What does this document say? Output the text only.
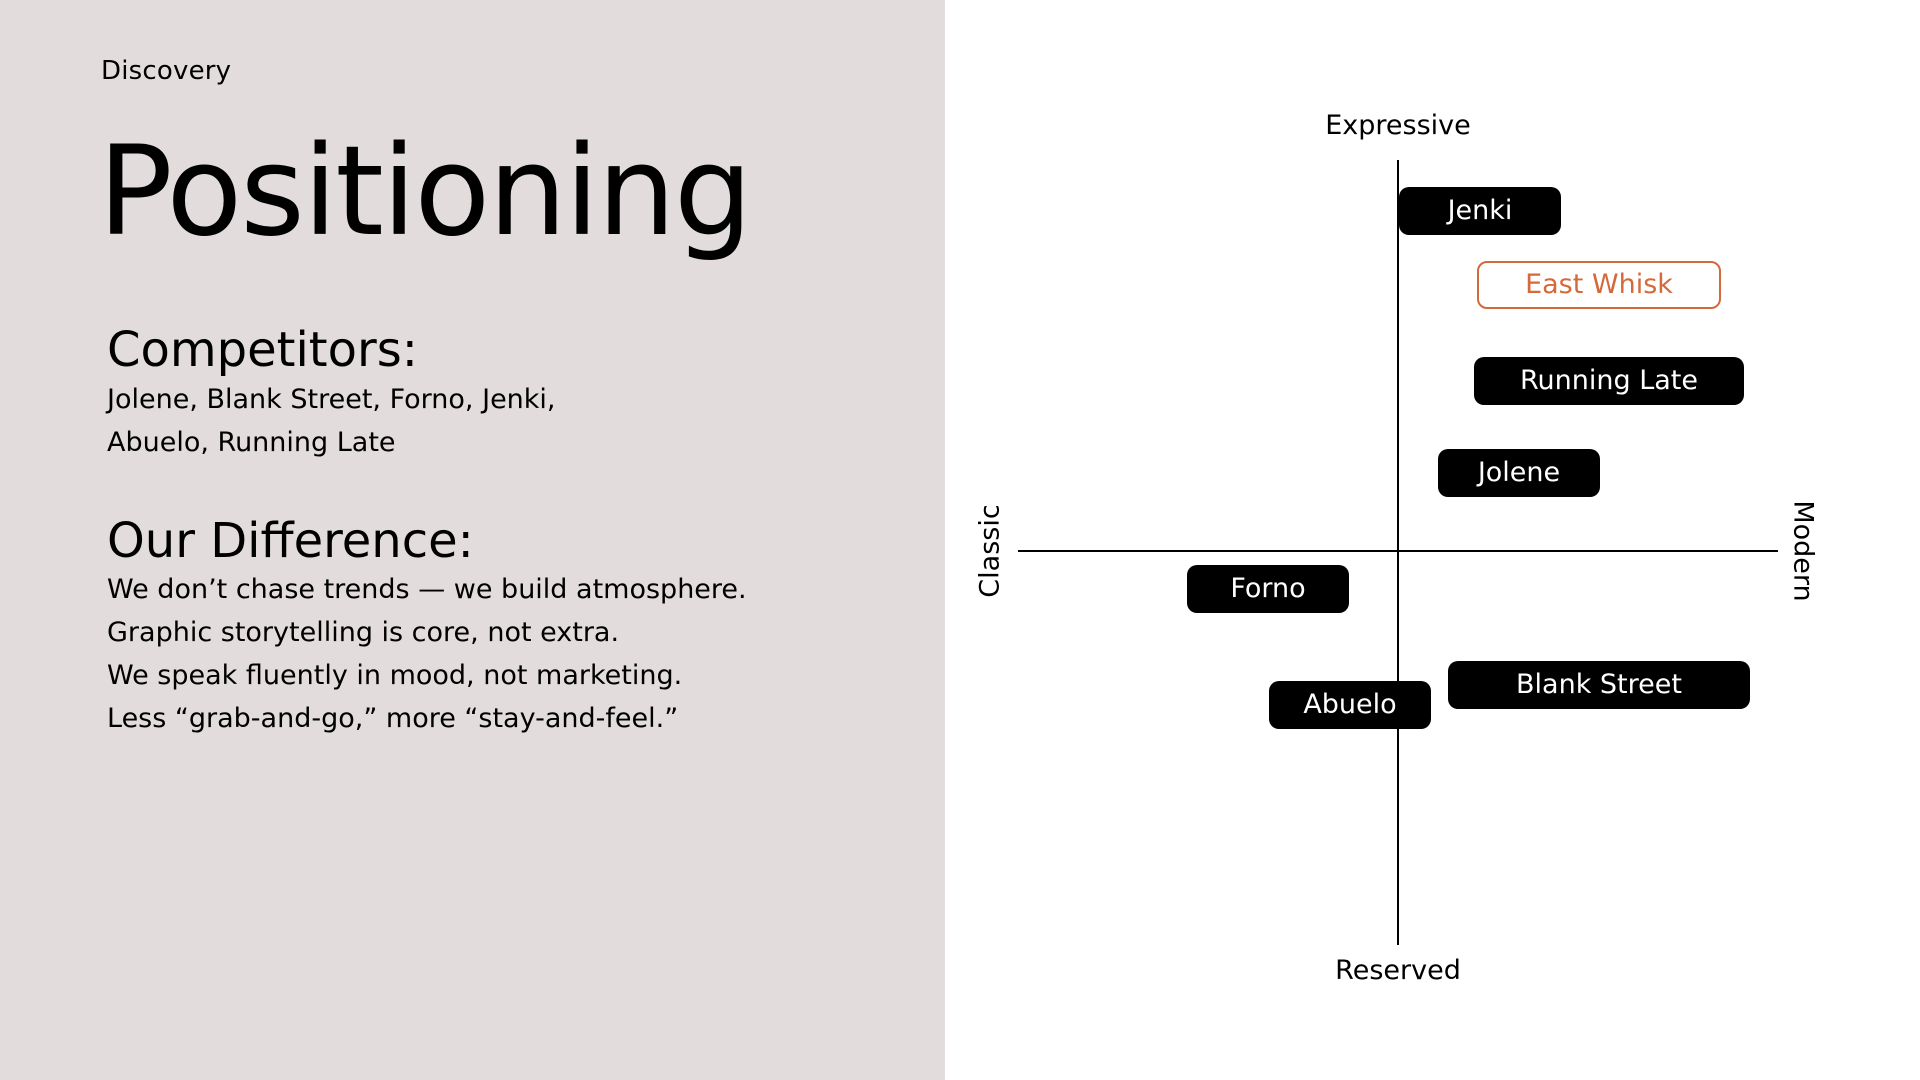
Discovery
Positioning
Competitors:

Jolene, Blank Street, Forno, Jenki,
Abuelo, Running Late

Our Difference:

We don’t chase trends — we build atmosphere.
Graphic storytelling is core, not extra.
We speak fluently in mood, not marketing.
Less “grab-and-go,” more “stay-and-feel.”

Expressive
Reserved
Classic	Modern
Jenki
East Whisk
Running Late
Jolene
Forno
Abuelo
Blank Street
